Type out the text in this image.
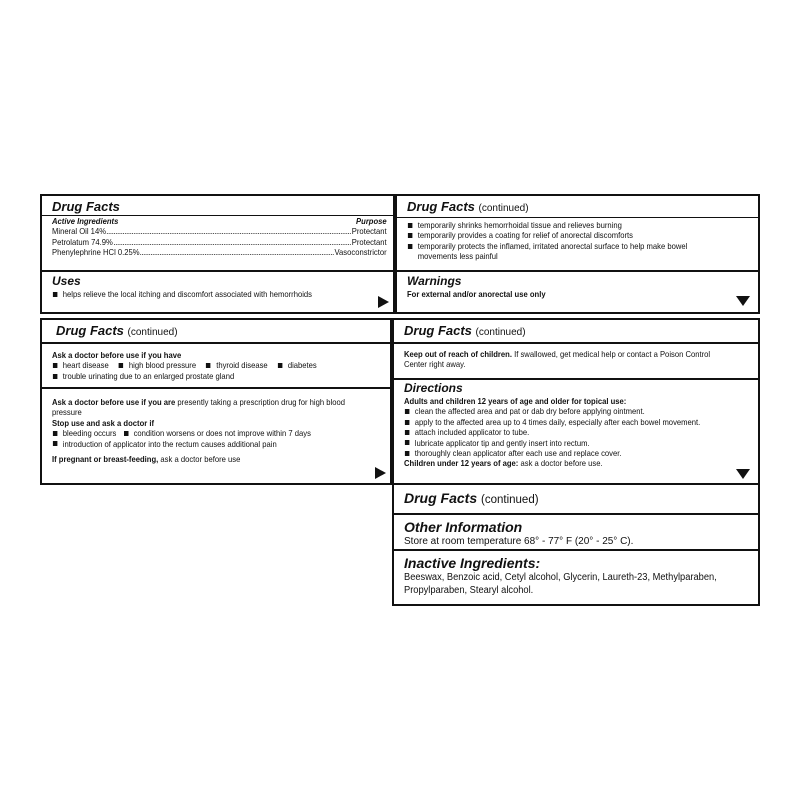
Drug Facts
Active Ingredients	Purpose
Mineral Oil 14%	Protectant
Petrolatum 74.9%	Protectant
Phenylephrine HCl 0.25%	Vasoconstrictor
Uses
helps relieve the local itching and discomfort associated with hemorrhoids
Drug Facts (continued)
temporarily shrinks hemorrhoidal tissue and relieves burning
temporarily provides a coating for relief of anorectal discomforts
temporarily protects the inflamed, irritated anorectal surface to help make bowel movements less painful
Warnings
For external and/or anorectal use only
Drug Facts (continued)
Ask a doctor before use if you have
heart disease high blood pressure thyroid disease diabetes
trouble urinating due to an enlarged prostate gland
Ask a doctor before use if you are presently taking a prescription drug for high blood pressure
Stop use and ask a doctor if
bleeding occurs condition worsens or does not improve within 7 days
introduction of applicator into the rectum causes additional pain
If pregnant or breast-feeding, ask a doctor before use
Drug Facts (continued)
Keep out of reach of children. If swallowed, get medical help or contact a Poison Control Center right away.
Directions
Adults and children 12 years of age and older for topical use:
clean the affected area and pat or dab dry before applying ointment.
apply to the affected area up to 4 times daily, especially after each bowel movement.
attach included applicator to tube.
lubricate applicator tip and gently insert into rectum.
thoroughly clean applicator after each use and replace cover.
Children under 12 years of age: ask a doctor before use.
Drug Facts (continued)
Other Information
Store at room temperature 68° - 77° F (20° - 25° C).
Inactive Ingredients:
Beeswax, Benzoic acid, Cetyl alcohol, Glycerin, Laureth-23, Methylparaben, Propylparaben, Stearyl alcohol.
